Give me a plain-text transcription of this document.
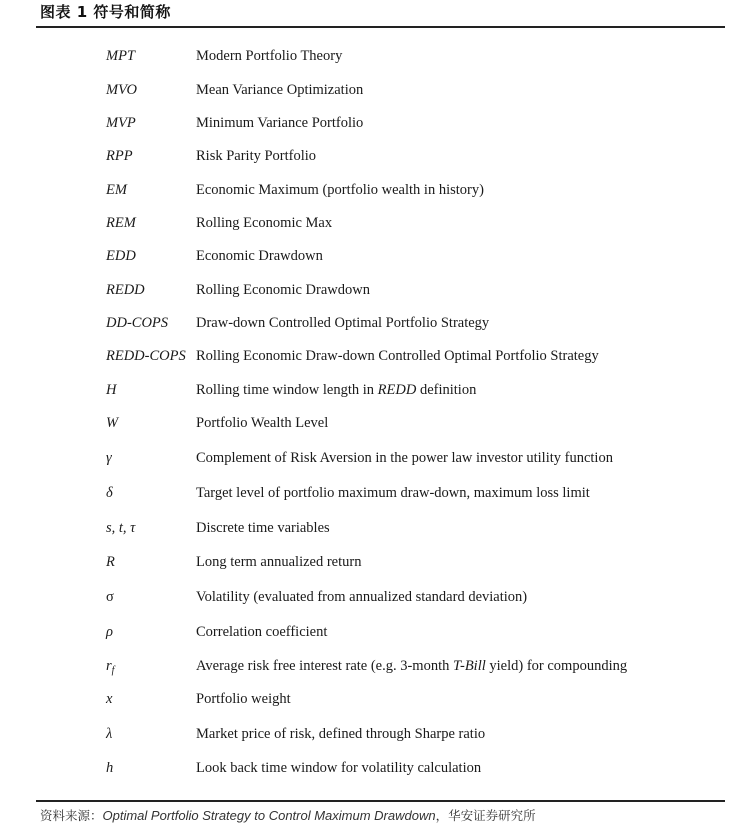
图表 1 符号和简称
MPT	Modern Portfolio Theory
MVO	Mean Variance Optimization
MVP	Minimum Variance Portfolio
RPP	Risk Parity Portfolio
EM	Economic Maximum (portfolio wealth in history)
REM	Rolling Economic Max
EDD	Economic Drawdown
REDD	Rolling Economic Drawdown
DD-COPS Draw-down Controlled Optimal Portfolio Strategy
REDD-COPS Rolling Economic Draw-down Controlled Optimal Portfolio Strategy
H	Rolling time window length in REDD definition
W	Portfolio Wealth Level
γ	Complement of Risk Aversion in the power law investor utility function
δ	Target level of portfolio maximum draw-down, maximum loss limit
s, t, τ	Discrete time variables
R	Long term annualized return
σ	Volatility (evaluated from annualized standard deviation)
ρ	Correlation coefficient
$r_f$	Average risk free interest rate (e.g. 3-month T-Bill yield) for compounding
x	Portfolio weight
λ	Market price of risk, defined through Sharpe ratio
h	Look back time window for volatility calculation
资料来源：Optimal Portfolio Strategy to Control Maximum Drawdown，华安证券研究所
